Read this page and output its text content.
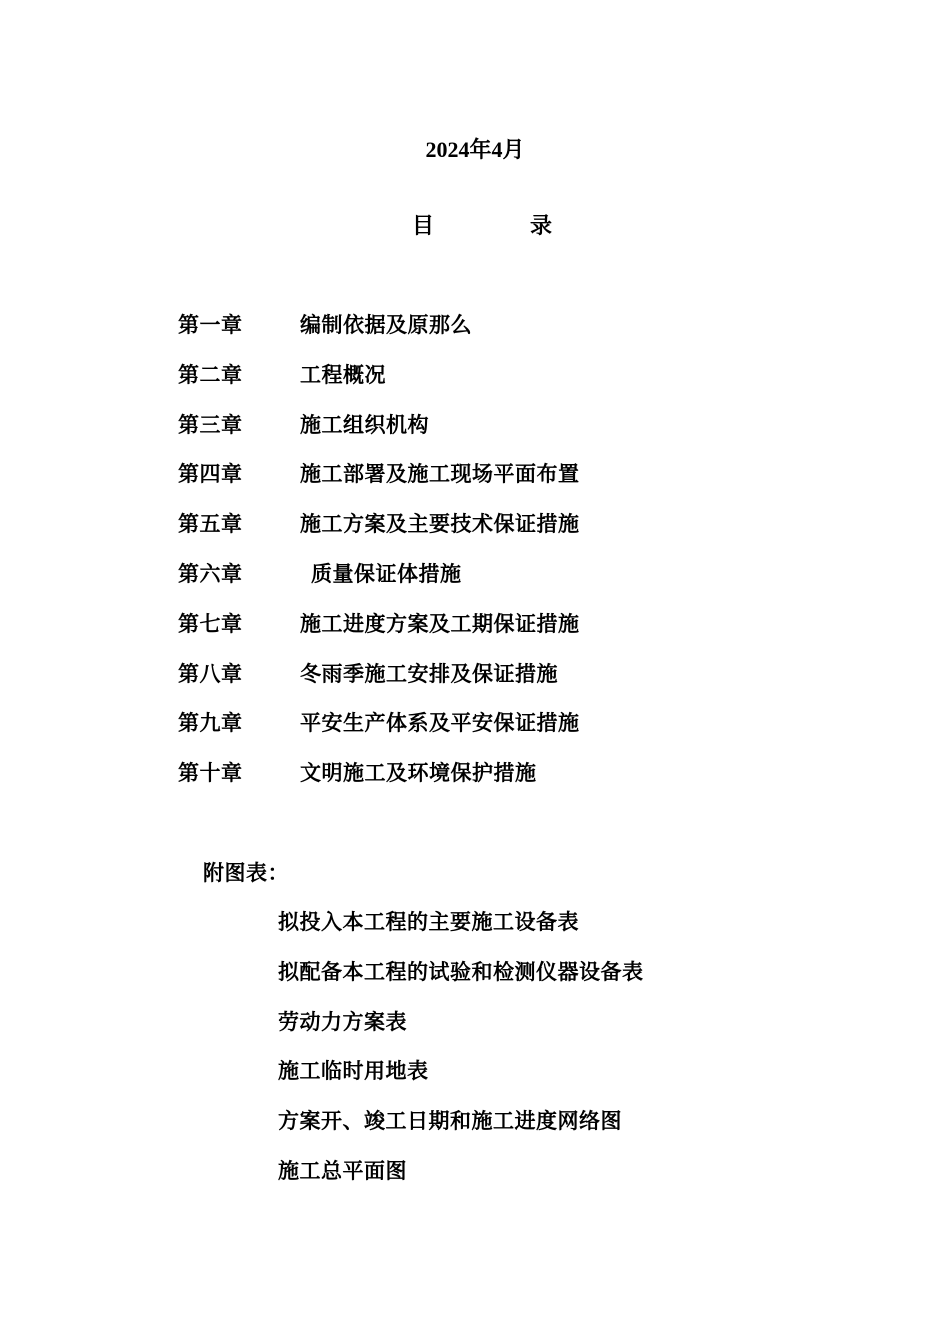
2024年4月
目	录
第一章	编制依据及原那么
第二章	工程概况
第三章	施工组织机构
第四章	施工部署及施工现场平面布置
第五章	施工方案及主要技术保证措施
第六章	质量保证体措施
第七章	施工进度方案及工期保证措施
第八章	冬雨季施工安排及保证措施
第九章	平安生产体系及平安保证措施
第十章	文明施工及环境保护措施
附图表：
拟投入本工程的主要施工设备表
拟配备本工程的试验和检测仪器设备表
劳动力方案表
施工临时用地表
方案开、竣工日期和施工进度网络图
施工总平面图
